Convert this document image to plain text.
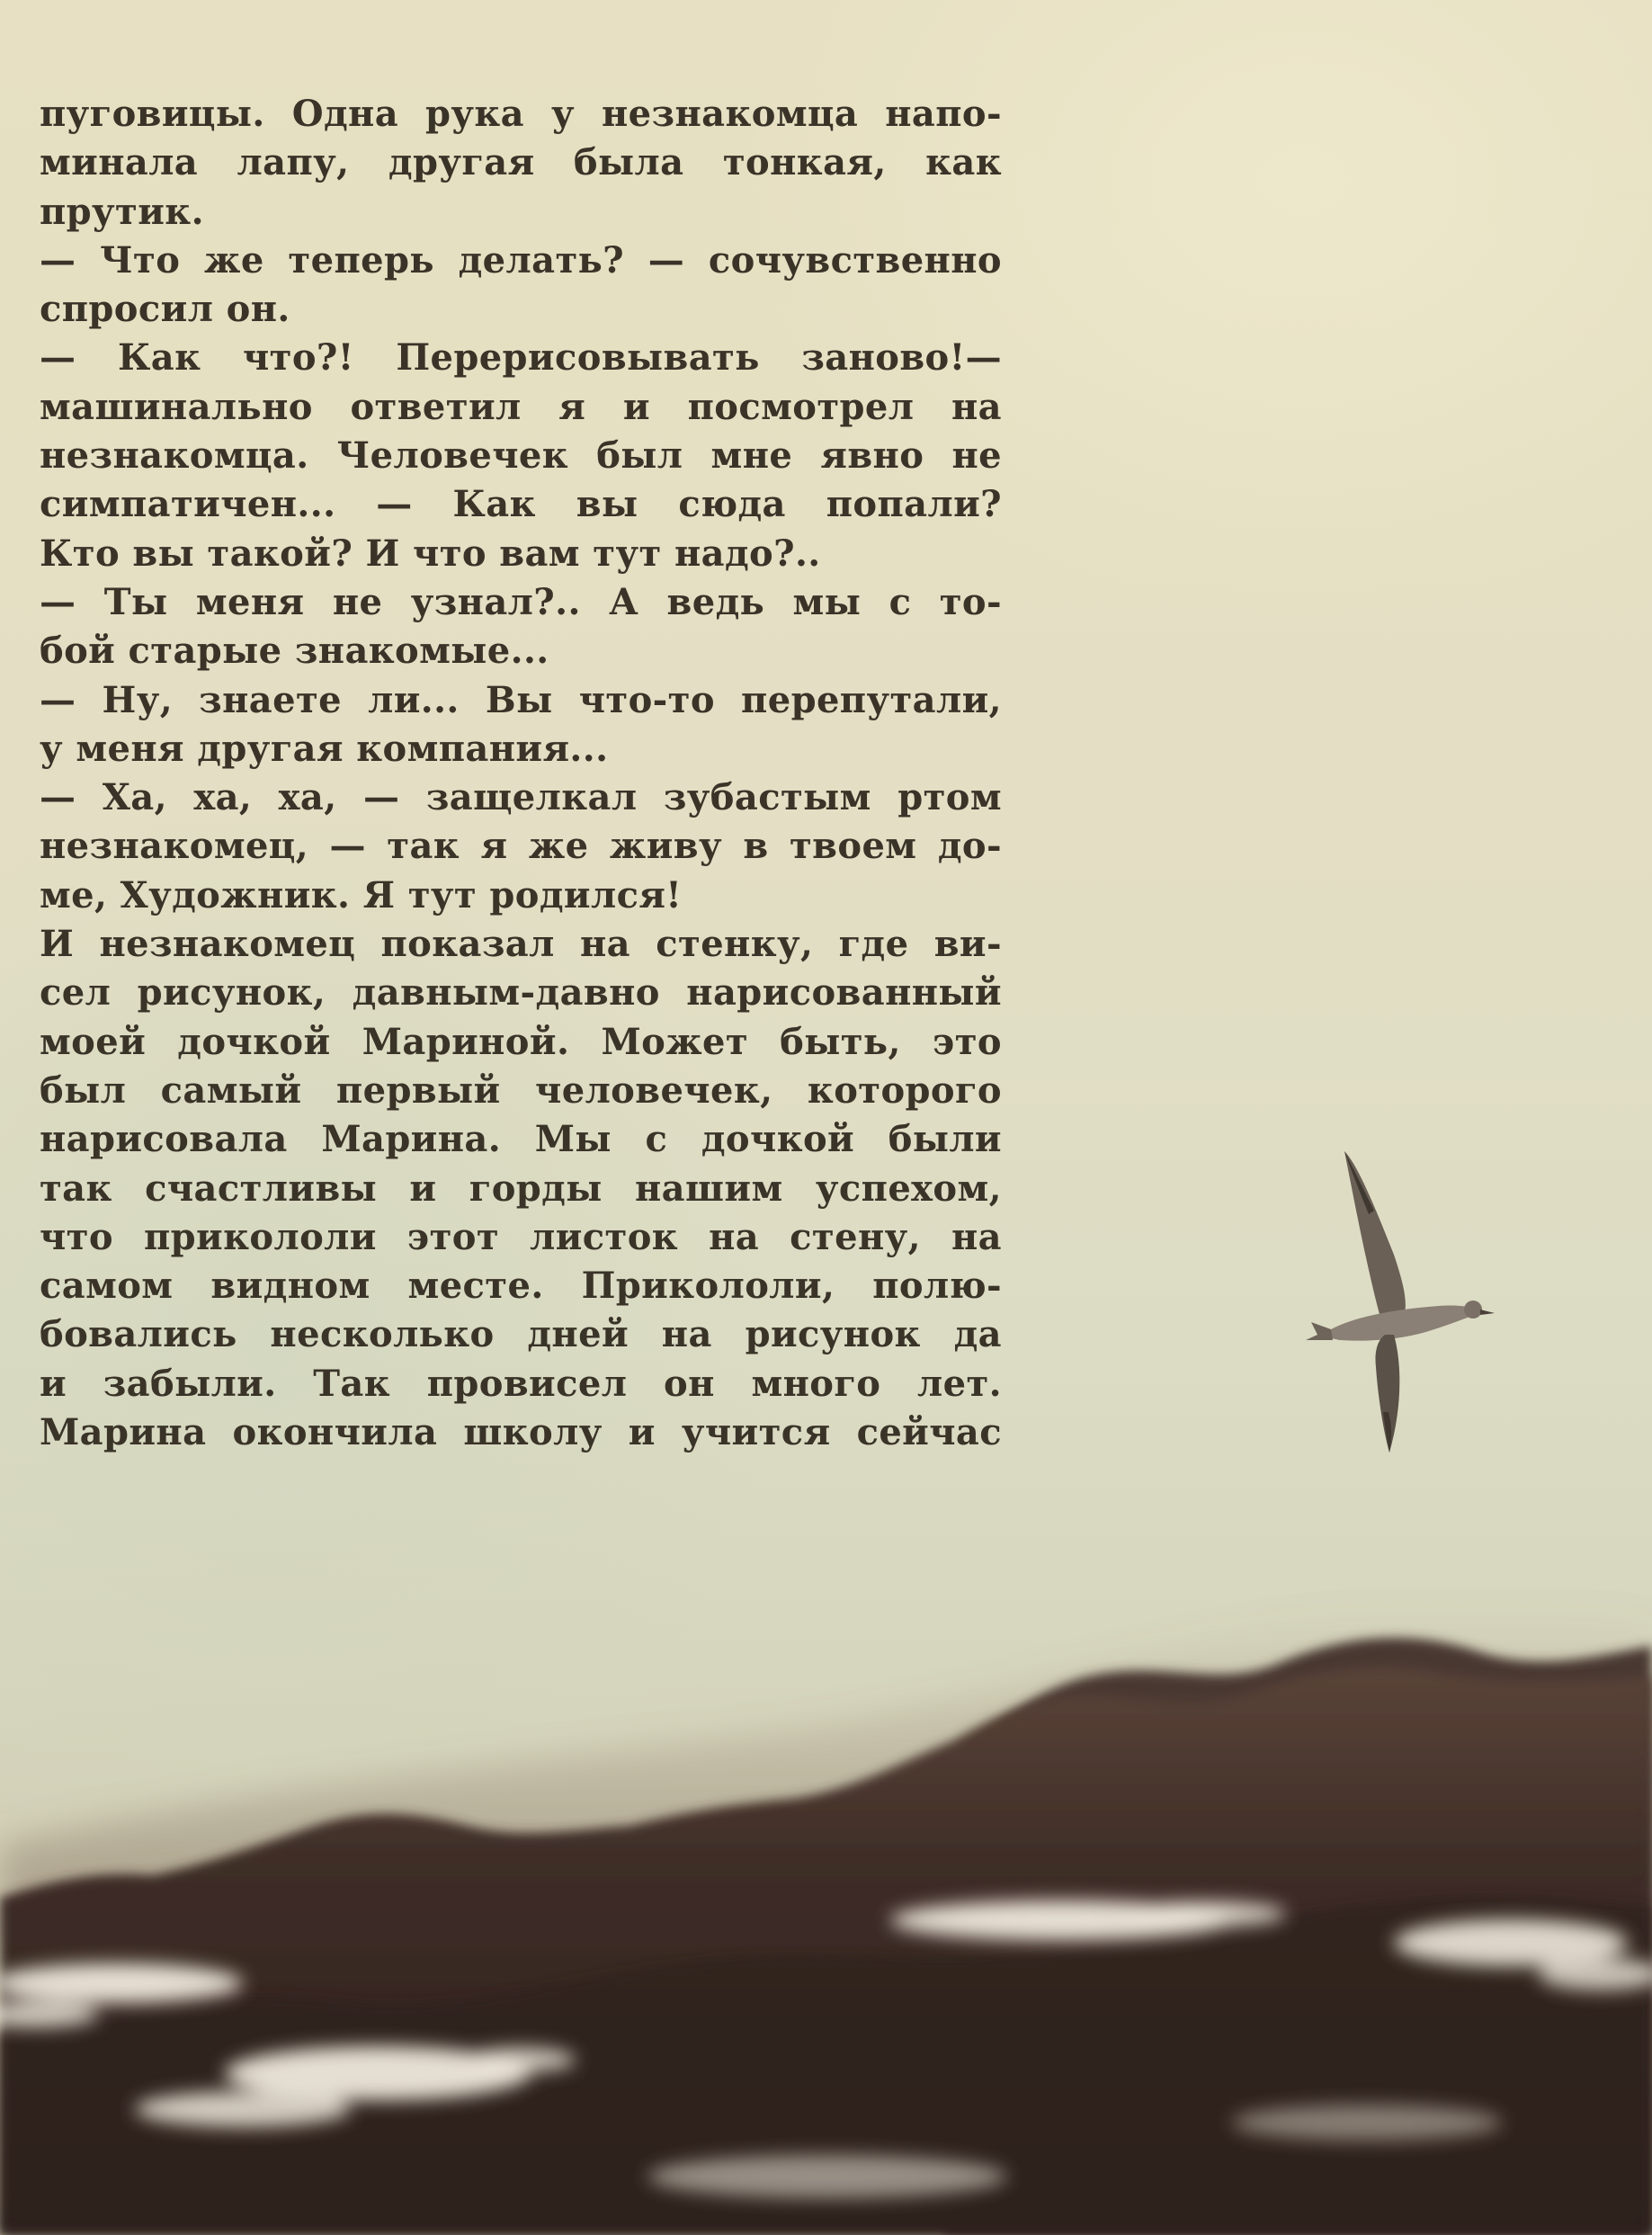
пуговицы. Одна рука у незнакомца напо-
минала лапу, другая была тонкая, как
прутик.
— Что же теперь делать? — сочувственно
спросил он.
— Как что?! Перерисовывать заново!—
машинально ответил я и посмотрел на
незнакомца. Человечек был мне явно не
симпатичен... — Как вы сюда попали?
Кто вы такой? И что вам тут надо?..
— Ты меня не узнал?.. А ведь мы с то-
бой старые знакомые...
— Ну, знаете ли... Вы что-то перепутали,
у меня другая компания...
— Ха, ха, ха, — защелкал зубастым ртом
незнакомец, — так я же живу в твоем до-
ме, Художник. Я тут родился!
И незнакомец показал на стенку, где ви-
сел рисунок, давным-давно нарисованный
моей дочкой Мариной. Может быть, это
был самый первый человечек, которого
нарисовала Марина. Мы с дочкой были
так счастливы и горды нашим успехом,
что прикололи этот листок на стену, на
самом видном месте. Прикололи, полю-
бовались несколько дней на рисунок да
и забыли. Так провисел он много лет.
Марина окончила школу и учится сейчас
